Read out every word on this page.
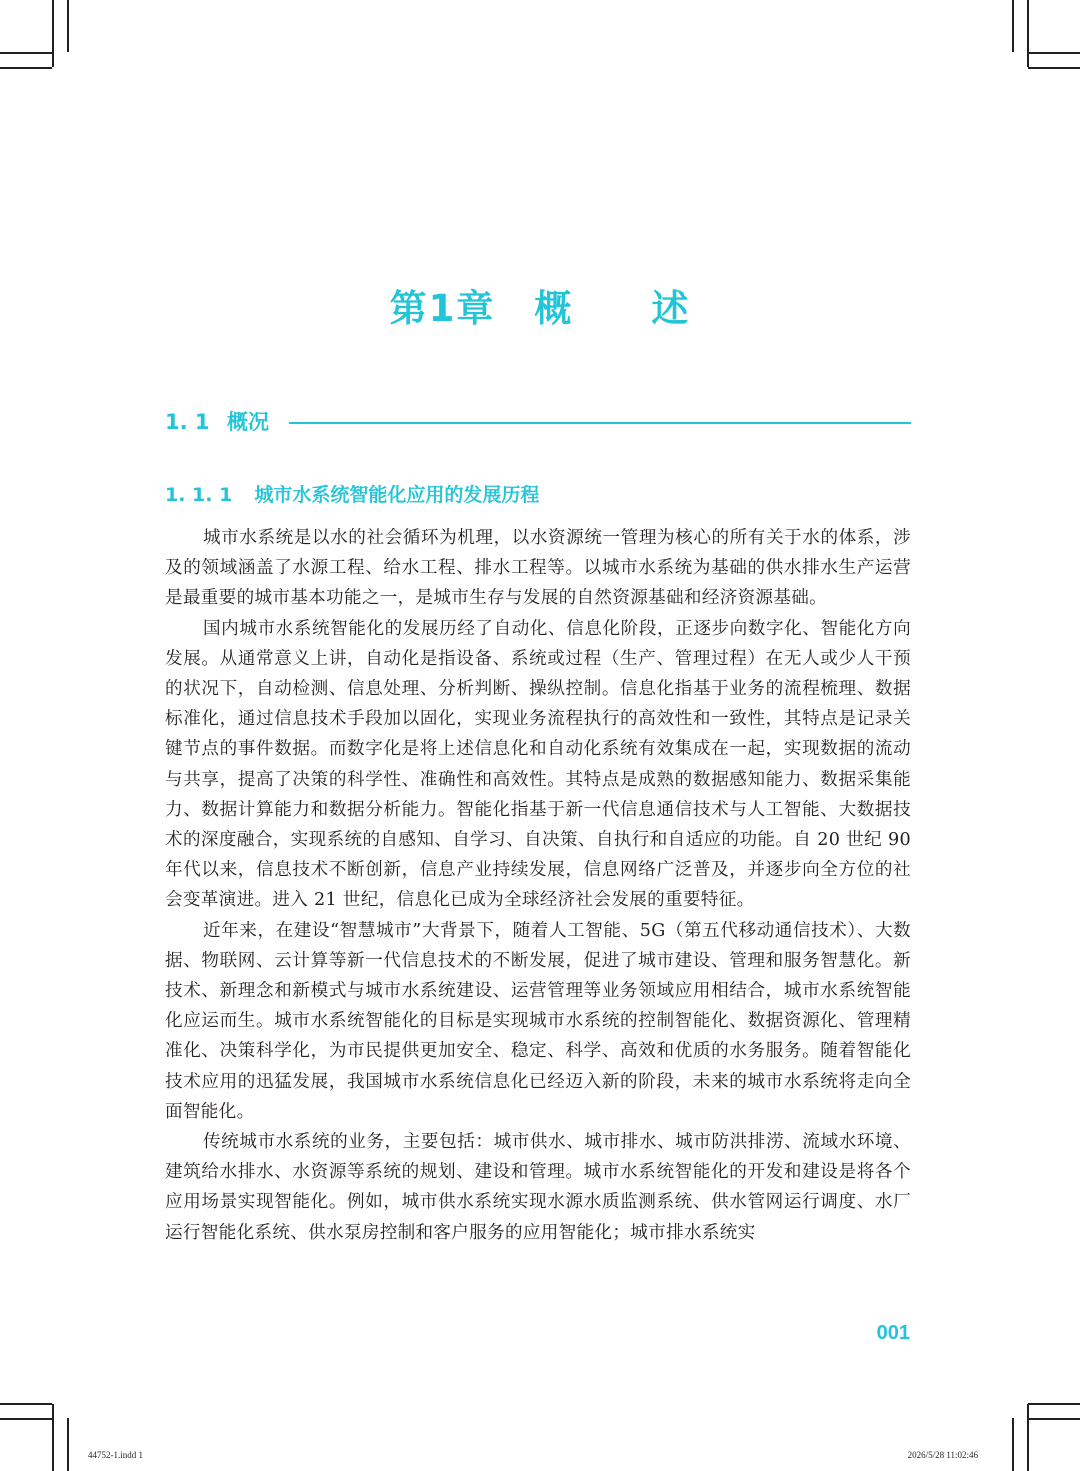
第1章　概　　述
1. 1 概况
1. 1. 1 城市水系统智能化应用的发展历程

城市水系统是以水的社会循环为机理，以水资源统一管理为核心的所有关于水的体系，涉及的领域涵盖了水源工程、给水工程、排水工程等。以城市水系统为基础的供水排水生产运营是最重要的城市基本功能之一，是城市生存与发展的自然资源基础和经济资源基础。

国内城市水系统智能化的发展历经了自动化、信息化阶段，正逐步向数字化、智能化方向发展。从通常意义上讲，自动化是指设备、系统或过程（生产、管理过程）在无人或少人干预的状况下，自动检测、信息处理、分析判断、操纵控制。信息化指基于业务的流程梳理、数据标准化，通过信息技术手段加以固化，实现业务流程执行的高效性和一致性，其特点是记录关键节点的事件数据。而数字化是将上述信息化和自动化系统有效集成在一起，实现数据的流动与共享，提高了决策的科学性、准确性和高效性。其特点是成熟的数据感知能力、数据采集能力、数据计算能力和数据分析能力。智能化指基于新一代信息通信技术与人工智能、大数据技术的深度融合，实现系统的自感知、自学习、自决策、自执行和自适应的功能。自 20 世纪 90 年代以来，信息技术不断创新，信息产业持续发展，信息网络广泛普及，并逐步向全方位的社会变革演进。进入 21 世纪，信息化已成为全球经济社会发展的重要特征。

近年来，在建设“智慧城市”大背景下，随着人工智能、5G（第五代移动通信技术）、大数据、物联网、云计算等新一代信息技术的不断发展，促进了城市建设、管理和服务智慧化。新技术、新理念和新模式与城市水系统建设、运营管理等业务领域应用相结合，城市水系统智能化应运而生。城市水系统智能化的目标是实现城市水系统的控制智能化、数据资源化、管理精准化、决策科学化，为市民提供更加安全、稳定、科学、高效和优质的水务服务。随着智能化技术应用的迅猛发展，我国城市水系统信息化已经迈入新的阶段，未来的城市水系统将走向全面智能化。

传统城市水系统的业务，主要包括：城市供水、城市排水、城市防洪排涝、流域水环境、建筑给水排水、水资源等系统的规划、建设和管理。城市水系统智能化的开发和建设是将各个应用场景实现智能化。例如，城市供水系统实现水源水质监测系统、供水管网运行调度、水厂运行智能化系统、供水泵房控制和客户服务的应用智能化；城市排水系统实

001
44752-1.indd 1	2026/5/28 11:02:46
